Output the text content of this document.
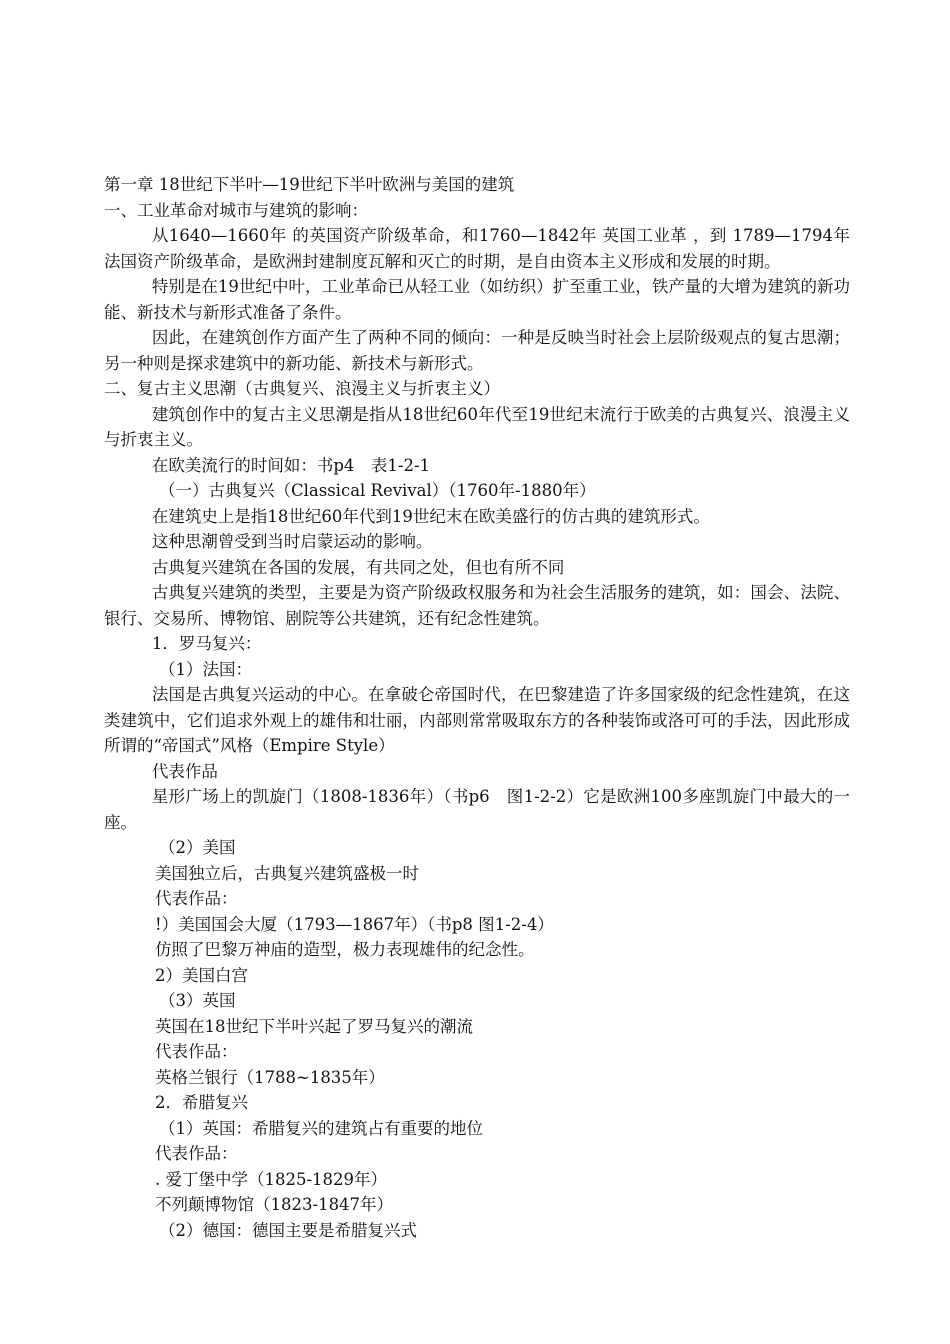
第一章 18世纪下半叶—19世纪下半叶欧洲与美国的建筑

一、工业革命对城市与建筑的影响：

从1640—1660年 的英国资产阶级革命，和1760—1842年 英国工业革 ，到 1789—1794年 法国资产阶级革命，是欧洲封建制度瓦解和灭亡的时期，是自由资本主义形成和发展的时期。

特别是在19世纪中叶，工业革命已从轻工业（如纺织）扩至重工业，铁产量的大增为建筑的新功能、新技术与新形式准备了条件。

因此，在建筑创作方面产生了两种不同的倾向：一种是反映当时社会上层阶级观点的复古思潮；另一种则是探求建筑中的新功能、新技术与新形式。

二、复古主义思潮（古典复兴、浪漫主义与折衷主义）

建筑创作中的复古主义思潮是指从18世纪60年代至19世纪末流行于欧美的古典复兴、浪漫主义与折衷主义。

在欧美流行的时间如：书p4　表1-2-1

（一）古典复兴（Classical Revival）（1760年-1880年）

在建筑史上是指18世纪60年代到19世纪末在欧美盛行的仿古典的建筑形式。

这种思潮曾受到当时启蒙运动的影响。

古典复兴建筑在各国的发展，有共同之处，但也有所不同

古典复兴建筑的类型，主要是为资产阶级政权服务和为社会生活服务的建筑，如：国会、法院、银行、交易所、博物馆、剧院等公共建筑，还有纪念性建筑。

1．罗马复兴：

（1）法国：

法国是古典复兴运动的中心。在拿破仑帝国时代，在巴黎建造了许多国家级的纪念性建筑，在这类建筑中，它们追求外观上的雄伟和壮丽，内部则常常吸取东方的各种装饰或洛可可的手法，因此形成所谓的“帝国式”风格（Empire Style）

代表作品

星形广场上的凯旋门（1808-1836年）（书p6　图1-2-2）它是欧洲100多座凯旋门中最大的一座。

（2）美国

美国独立后，古典复兴建筑盛极一时

代表作品：

!）美国国会大厦（1793—1867年）（书p8 图1-2-4）

仿照了巴黎万神庙的造型，极力表现雄伟的纪念性。

2）美国白宫

（3）英国

英国在18世纪下半叶兴起了罗马复兴的潮流

代表作品：

英格兰银行（1788~1835年）

2．希腊复兴

（1）英国：希腊复兴的建筑占有重要的地位

代表作品：

. 爱丁堡中学（1825-1829年）

不列颠博物馆（1823-1847年）

（2）德国：德国主要是希腊复兴式
